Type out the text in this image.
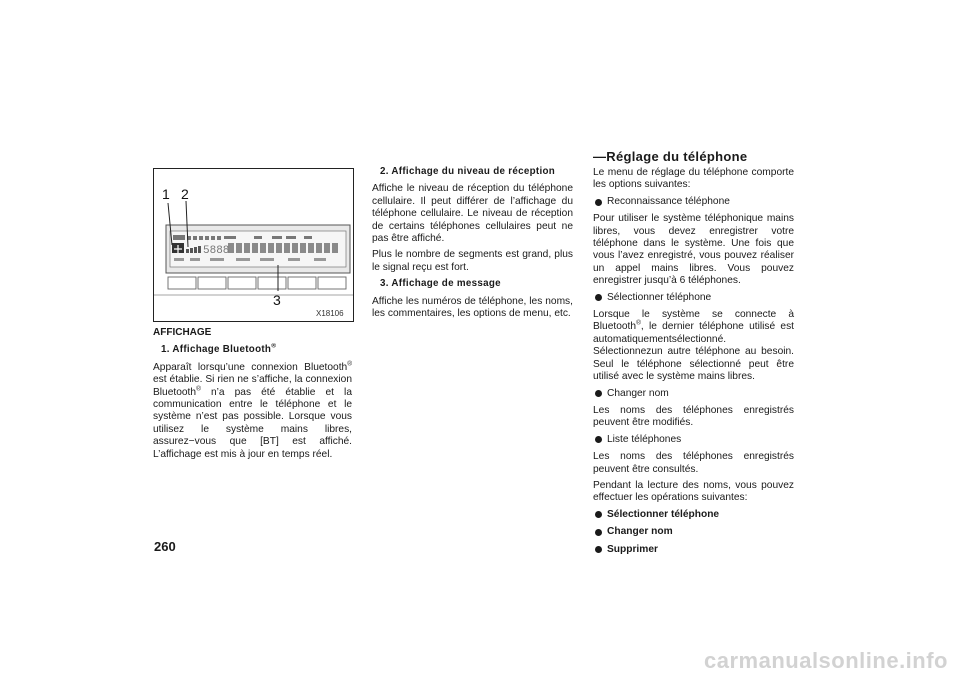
5888
1 2
3
X18106
AFFICHAGE
1. Affichage Bluetooth®

Apparaît lorsqu’une connexion Bluetooth® est établie. Si rien ne s’affiche, la connexion Bluetooth® n’a pas été établie et la communication entre le téléphone et le système n’est pas possible. Lorsque vous utilisez le système mains libres, assurez−vous que [BT] est affiché. L’affichage est mis à jour en temps réel.

2. Affichage du niveau de réception

Affiche le niveau de réception du téléphone cellulaire. Il peut différer de l’affichage du téléphone cellulaire. Le niveau de réception de certains téléphones cellulaires peut ne pas être affiché.

Plus le nombre de segments est grand, plus le signal reçu est fort.

3. Affichage de message

Affiche les numéros de téléphone, les noms, les commentaires, les options de menu, etc.

—Réglage du téléphone

Le menu de réglage du téléphone comporte les options suivantes:

Reconnaissance téléphone

Pour utiliser le système téléphonique mains libres, vous devez enregistrer votre téléphone dans le système. Une fois que vous l’avez enregistré, vous pouvez réaliser un appel mains libres. Vous pouvez enregistrer jusqu’à 6 téléphones.

Sélectionner téléphone

Lorsque le système se connecte à Bluetooth®, le dernier téléphone utilisé est automatiquementsélectionné. Sélectionnezun autre téléphone au besoin. Seul le téléphone sélectionné peut être utilisé avec le système mains libres.

Changer nom

Les noms des téléphones enregistrés peuvent être modifiés.

Liste téléphones

Les noms des téléphones enregistrés peuvent être consultés.

Pendant la lecture des noms, vous pouvez effectuer les opérations suivantes:

Sélectionner téléphone
Changer nom
Supprimer
260
carmanualsonline.info
